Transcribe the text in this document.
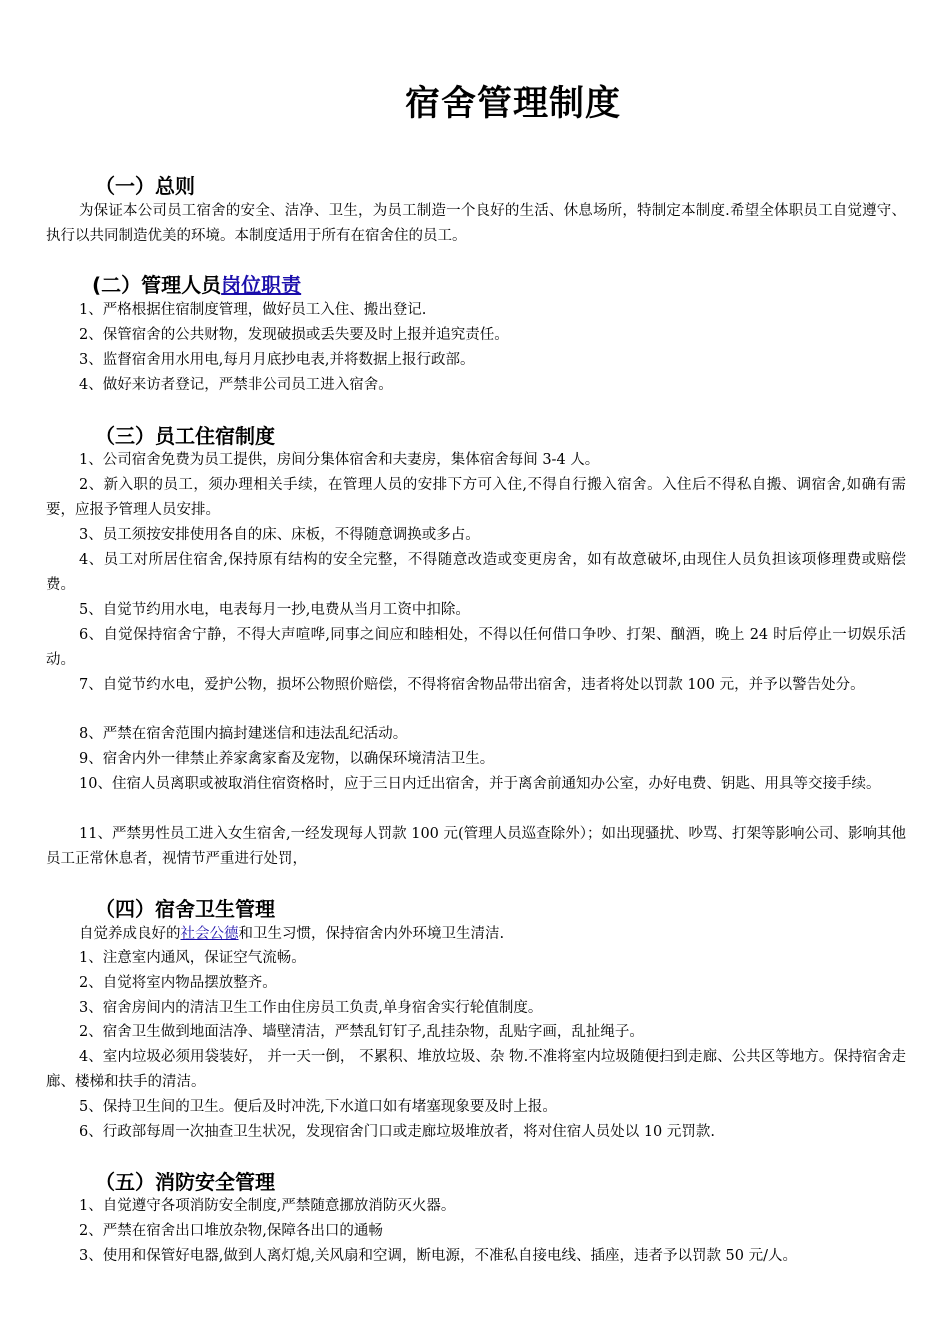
宿舍管理制度
（一）总则

为保证本公司员工宿舍的安全、洁净、卫生，为员工制造一个良好的生活、休息场所，特制定本制度.希望全体职员工自觉遵守、执行以共同制造优美的环境。本制度适用于所有在宿舍住的员工。

(二）管理人员岗位职责

1、严格根据住宿制度管理，做好员工入住、搬出登记.

2、保管宿舍的公共财物，发现破损或丢失要及时上报并追究责任。

3、监督宿舍用水用电,每月月底抄电表,并将数据上报行政部。

4、做好来访者登记，严禁非公司员工进入宿舍。

（三）员工住宿制度

1、公司宿舍免费为员工提供，房间分集体宿舍和夫妻房，集体宿舍每间 3-4 人。

2、新入职的员工，须办理相关手续，在管理人员的安排下方可入住,不得自行搬入宿舍。入住后不得私自搬、调宿舍,如确有需要，应报予管理人员安排。

3、员工须按安排使用各自的床、床板，不得随意调换或多占。

4、员工对所居住宿舍,保持原有结构的安全完整，不得随意改造或变更房舍，如有故意破坏,由现住人员负担该项修理费或赔偿费。

5、自觉节约用水电，电表每月一抄,电费从当月工资中扣除。

6、自觉保持宿舍宁静，不得大声喧哗,同事之间应和睦相处，不得以任何借口争吵、打架、酗酒，晚上 24 时后停止一切娱乐活动。

7、自觉节约水电，爱护公物，损坏公物照价赔偿，不得将宿舍物品带出宿舍，违者将处以罚款 100 元，并予以警告处分。

8、严禁在宿舍范围内搞封建迷信和违法乱纪活动。

9、宿舍内外一律禁止养家禽家畜及宠物，以确保环境清洁卫生。

10、住宿人员离职或被取消住宿资格时，应于三日内迁出宿舍，并于离舍前通知办公室，办好电费、钥匙、用具等交接手续。

11、严禁男性员工进入女生宿舍,一经发现每人罚款 100 元(管理人员巡查除外）；如出现骚扰、吵骂、打架等影响公司、影响其他员工正常休息者，视情节严重进行处罚，

（四）宿舍卫生管理

自觉养成良好的社会公德和卫生习惯，保持宿舍内外环境卫生清洁.

1、注意室内通风，保证空气流畅。

2、自觉将室内物品摆放整齐。

3、宿舍房间内的清洁卫生工作由住房员工负责,单身宿舍实行轮值制度。

2、宿舍卫生做到地面洁净、墙壁清洁，严禁乱钉钉子,乱挂杂物，乱贴字画，乱扯绳子。

4、室内垃圾必须用袋装好， 并一天一倒， 不累积、堆放垃圾、杂 物.不准将室内垃圾随便扫到走廊、公共区等地方。保持宿舍走廊、楼梯和扶手的清洁。

5、保持卫生间的卫生。便后及时冲洗,下水道口如有堵塞现象要及时上报。

6、行政部每周一次抽查卫生状况，发现宿舍门口或走廊垃圾堆放者，将对住宿人员处以 10 元罚款.

（五）消防安全管理

1、自觉遵守各项消防安全制度,严禁随意挪放消防灭火器。

2、严禁在宿舍出口堆放杂物,保障各出口的通畅

3、使用和保管好电器,做到人离灯熄,关风扇和空调，断电源，不准私自接电线、插座，违者予以罚款 50 元/人。
